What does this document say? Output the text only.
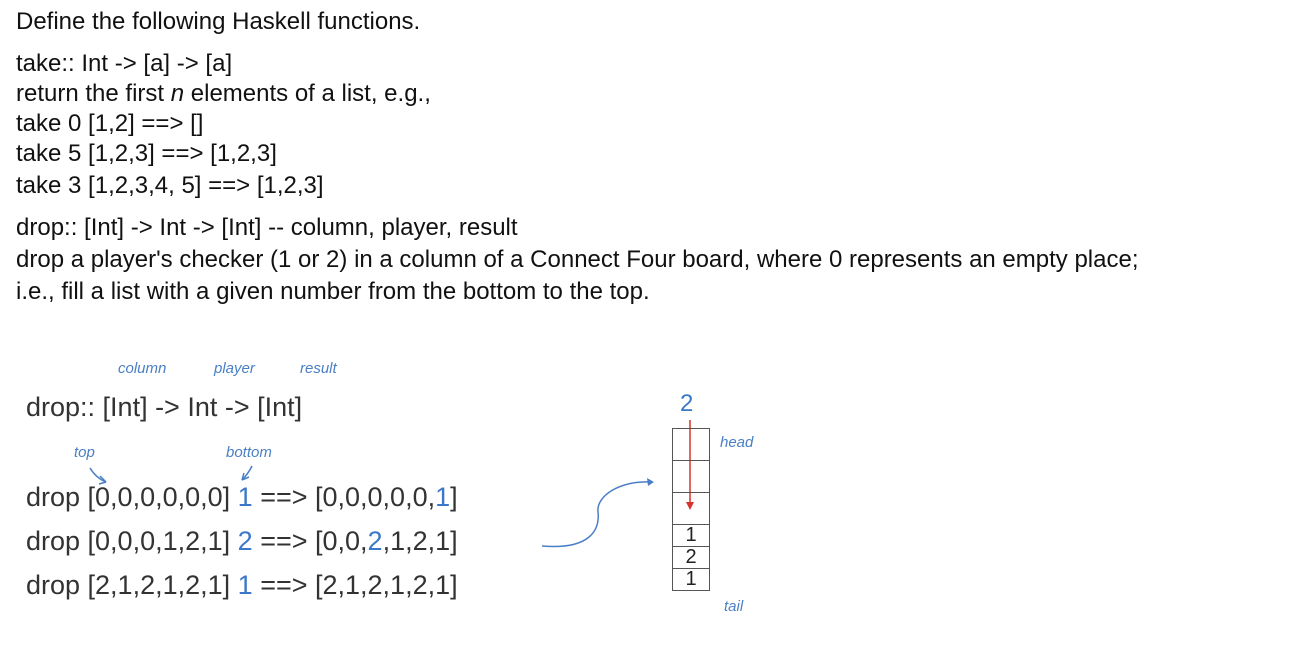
Define the following Haskell functions.
take:: Int -> [a] -> [a]
return the first n elements of a list, e.g.,
take 0 [1,2] ==> []
take 5 [1,2,3] ==> [1,2,3]
take 3 [1,2,3,4, 5] ==> [1,2,3]
drop:: [Int] -> Int -> [Int] -- column, player, result
drop a player's checker (1 or 2) in a column of a Connect Four board, where 0 represents an empty place;
i.e., fill a list with a given number from the bottom to the top.
column	player	result
drop:: [Int] -> Int -> [Int]
top	bottom
drop [0,0,0,0,0,0] 1 ==> [0,0,0,0,0,1]
drop [0,0,0,1,2,1] 2 ==> [0,0,2,1,2,1]
drop [2,1,2,1,2,1] 1 ==> [2,1,2,1,2,1]
2
head
tail
1
2
1
